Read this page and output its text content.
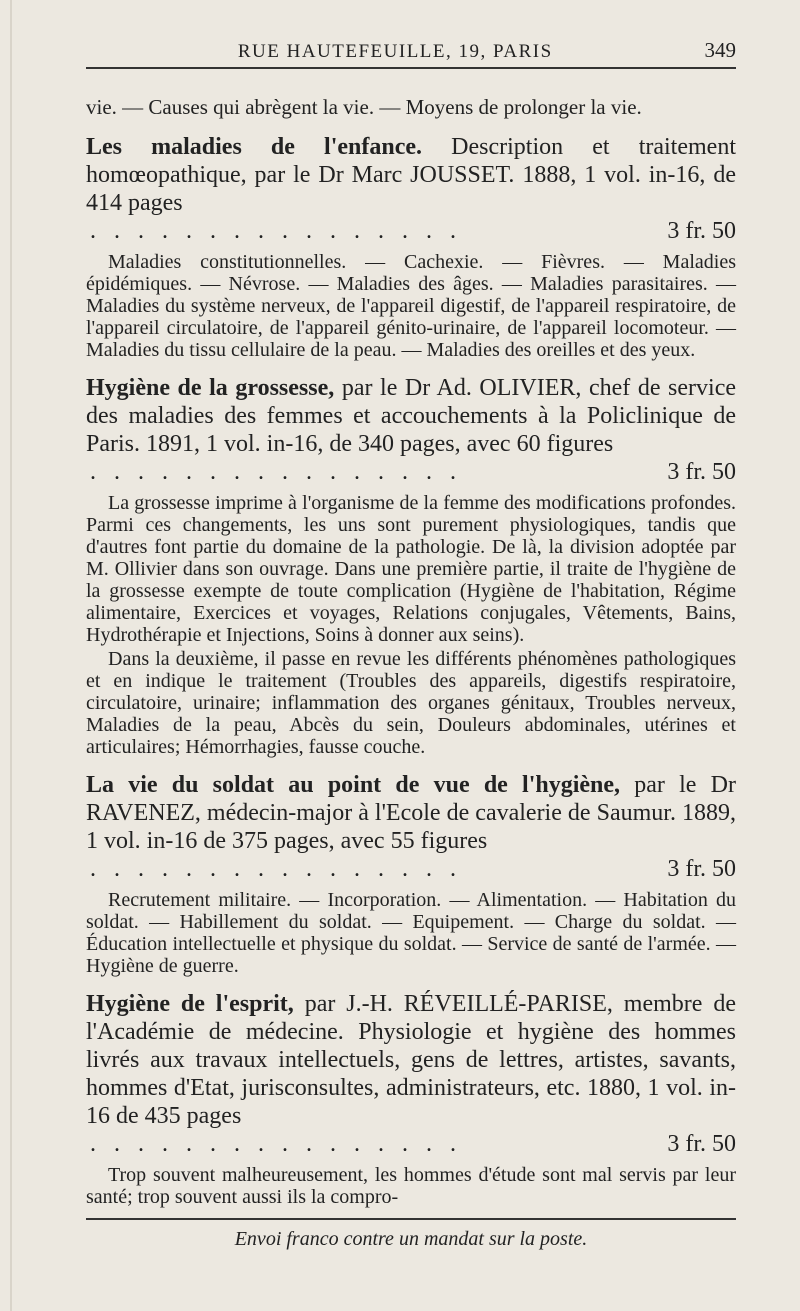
RUE HAUTEFEUILLE, 19, PARIS	349

vie. — Causes qui abrègent la vie. — Moyens de prolonger la vie.

Les maladies de l'enfance. Description et traitement homœopathique, par le Dr Marc JOUSSET. 1888, 1 vol. in-16, de 414 pages
. . . . . . . . . . . . . . . .	3 fr. 50

Maladies constitutionnelles. — Cachexie. — Fièvres. — Maladies épidémiques. — Névrose. — Maladies des âges. — Maladies parasitaires. — Maladies du système nerveux, de l'appareil digestif, de l'appareil respiratoire, de l'appareil circulatoire, de l'appareil génito-urinaire, de l'appareil locomoteur. — Maladies du tissu cellulaire de la peau. — Maladies des oreilles et des yeux.

Hygiène de la grossesse, par le Dr Ad. OLIVIER, chef de service des maladies des femmes et accouchements à la Policlinique de Paris. 1891, 1 vol. in-16, de 340 pages, avec 60 figures
. . . . . . . . . . . . . . . .	3 fr. 50

La grossesse imprime à l'organisme de la femme des modifications profondes. Parmi ces changements, les uns sont purement physiologiques, tandis que d'autres font partie du domaine de la pathologie. De là, la division adoptée par M. Ollivier dans son ouvrage. Dans une première partie, il traite de l'hygiène de la grossesse exempte de toute complication (Hygiène de l'habitation, Régime alimentaire, Exercices et voyages, Relations conjugales, Vêtements, Bains, Hydrothérapie et Injections, Soins à donner aux seins).

Dans la deuxième, il passe en revue les différents phénomènes pathologiques et en indique le traitement (Troubles des appareils, digestifs respiratoire, circulatoire, urinaire; inflammation des organes génitaux, Troubles nerveux, Maladies de la peau, Abcès du sein, Douleurs abdominales, utérines et articulaires; Hémorrhagies, fausse couche.

La vie du soldat au point de vue de l'hygiène, par le Dr RAVENEZ, médecin-major à l'Ecole de cavalerie de Saumur. 1889, 1 vol. in-16 de 375 pages, avec 55 figures
. . . . . . . . . . . . . . . .	3 fr. 50

Recrutement militaire. — Incorporation. — Alimentation. — Habitation du soldat. — Habillement du soldat. — Equipement. — Charge du soldat. — Éducation intellectuelle et physique du soldat. — Service de santé de l'armée. — Hygiène de guerre.

Hygiène de l'esprit, par J.-H. RÉVEILLÉ-PARISE, membre de l'Académie de médecine. Physiologie et hygiène des hommes livrés aux travaux intellectuels, gens de lettres, artistes, savants, hommes d'Etat, jurisconsultes, administrateurs, etc. 1880, 1 vol. in-16 de 435 pages
. . . . . . . . . . . . . . . .	3 fr. 50

Trop souvent malheureusement, les hommes d'étude sont mal servis par leur santé; trop souvent aussi ils la compro-

Envoi franco contre un mandat sur la poste.
